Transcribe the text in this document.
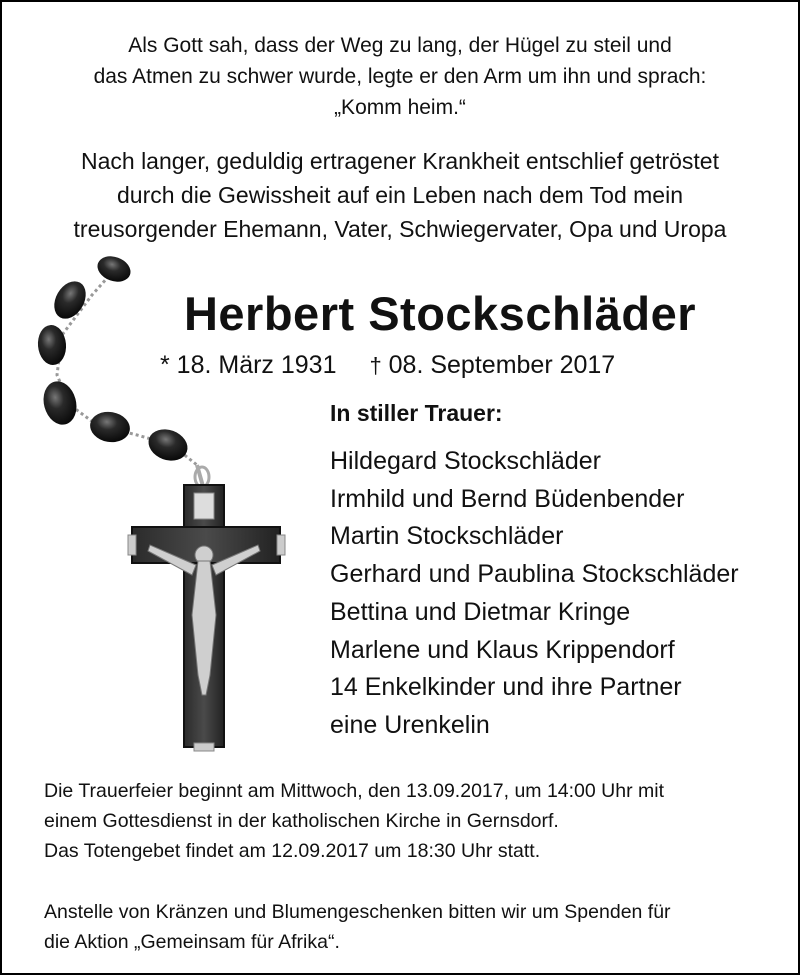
Als Gott sah, dass der Weg zu lang, der Hügel zu steil und
das Atmen zu schwer wurde, legte er den Arm um ihn und sprach:
„Komm heim.“
Nach langer, geduldig ertragener Krankheit entschlief getröstet
durch die Gewissheit auf ein Leben nach dem Tod mein
treusorgender Ehemann, Vater, Schwiegervater, Opa und Uropa
Herbert Stockschläder
* 18. März 1931 † 08. September 2017
In stiller Trauer:
Hildegard Stockschläder
Irmhild und Bernd Büdenbender
Martin Stockschläder
Gerhard und Paublina Stockschläder
Bettina und Dietmar Kringe
Marlene und Klaus Krippendorf
14 Enkelkinder und ihre Partner
eine Urenkelin
Die Trauerfeier beginnt am Mittwoch, den 13.09.2017, um 14:00 Uhr mit
einem Gottesdienst in der katholischen Kirche in Gernsdorf.
Das Totengebet findet am 12.09.2017 um 18:30 Uhr statt.
Anstelle von Kränzen und Blumengeschenken bitten wir um Spenden für
die Aktion „Gemeinsam für Afrika“.
